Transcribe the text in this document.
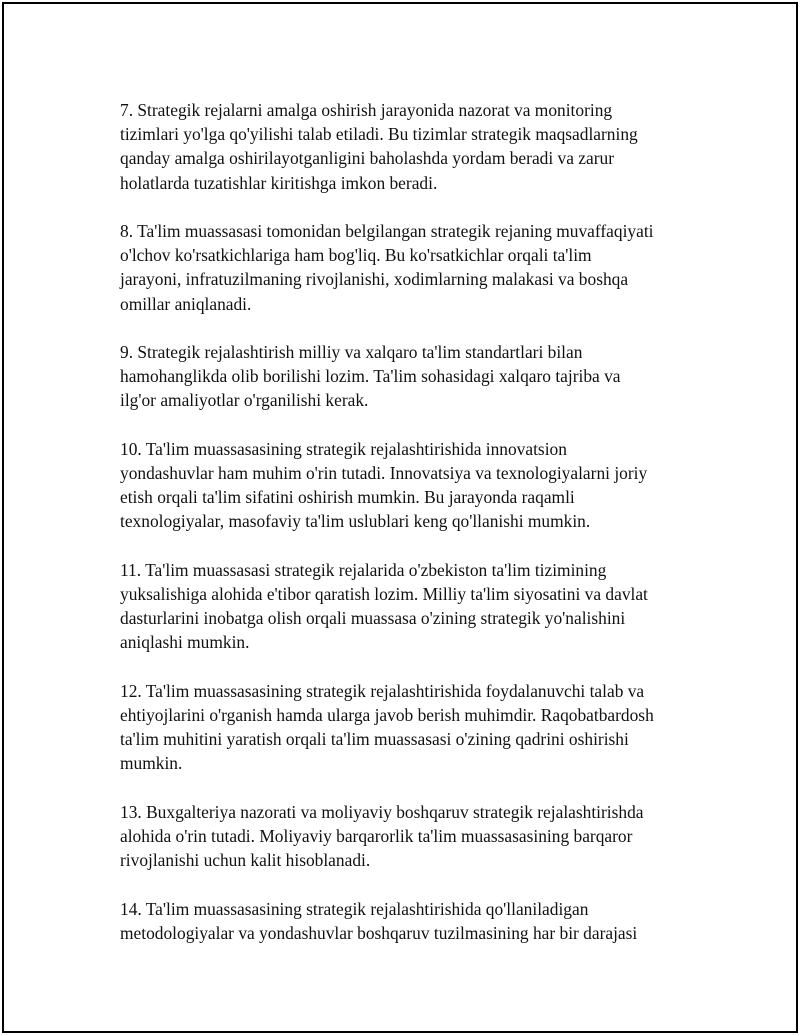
7. Strategik rejalarni amalga oshirish jarayonida nazorat va monitoring
tizimlari yo'lga qo'yilishi talab etiladi. Bu tizimlar strategik maqsadlarning
qanday amalga oshirilayotganligini baholashda yordam beradi va zarur
holatlarda tuzatishlar kiritishga imkon beradi.

8. Ta'lim muassasasi tomonidan belgilangan strategik rejaning muvaffaqiyati
o'lchov ko'rsatkichlariga ham bog'liq. Bu ko'rsatkichlar orqali ta'lim
jarayoni, infratuzilmaning rivojlanishi, xodimlarning malakasi va boshqa
omillar aniqlanadi.

9. Strategik rejalashtirish milliy va xalqaro ta'lim standartlari bilan
hamohanglikda olib borilishi lozim. Ta'lim sohasidagi xalqaro tajriba va
ilg'or amaliyotlar o'rganilishi kerak.

10. Ta'lim muassasasining strategik rejalashtirishida innovatsion
yondashuvlar ham muhim o'rin tutadi. Innovatsiya va texnologiyalarni joriy
etish orqali ta'lim sifatini oshirish mumkin. Bu jarayonda raqamli
texnologiyalar, masofaviy ta'lim uslublari keng qo'llanishi mumkin.

11. Ta'lim muassasasi strategik rejalarida o'zbekiston ta'lim tizimining
yuksalishiga alohida e'tibor qaratish lozim. Milliy ta'lim siyosatini va davlat
dasturlarini inobatga olish orqali muassasa o'zining strategik yo'nalishini
aniqlashi mumkin.

12. Ta'lim muassasasining strategik rejalashtirishida foydalanuvchi talab va
ehtiyojlarini o'rganish hamda ularga javob berish muhimdir. Raqobatbardosh
ta'lim muhitini yaratish orqali ta'lim muassasasi o'zining qadrini oshirishi
mumkin.

13. Buxgalteriya nazorati va moliyaviy boshqaruv strategik rejalashtirishda
alohida o'rin tutadi. Moliyaviy barqarorlik ta'lim muassasasining barqaror
rivojlanishi uchun kalit hisoblanadi.

14. Ta'lim muassasasining strategik rejalashtirishida qo'llaniladigan
metodologiyalar va yondashuvlar boshqaruv tuzilmasining har bir darajasi
